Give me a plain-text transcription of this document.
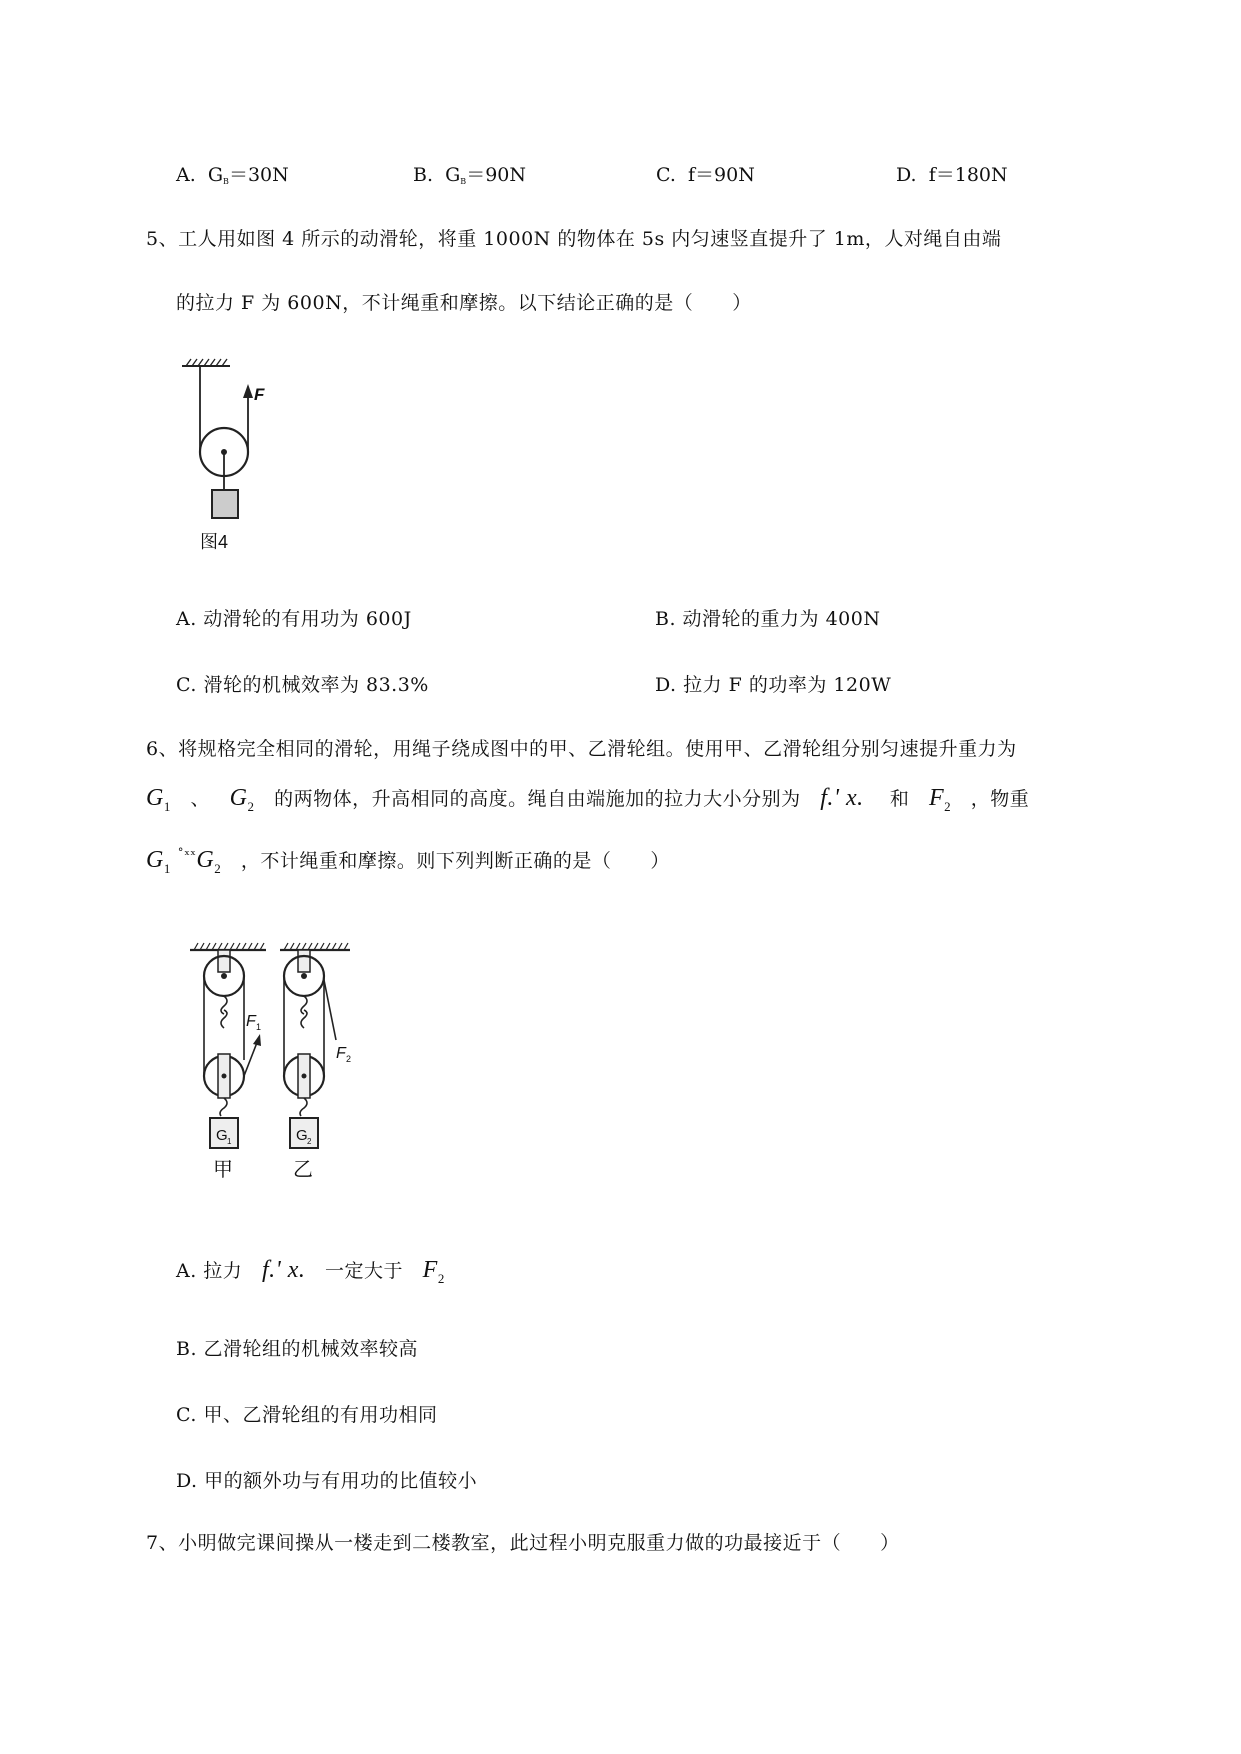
A. GB＝30N	B. GB＝90N	C. f＝90N	D. f＝180N
5、工人用如图 4 所示的动滑轮，将重 1000N 的物体在 5s 内匀速竖直提升了 1m，人对绳自由端
的拉力 F 为 600N，不计绳重和摩擦。以下结论正确的是（　　）
F
图4
A. 动滑轮的有用功为 600J	B. 动滑轮的重力为 400N
C. 滑轮的机械效率为 83.3%	D. 拉力 F 的功率为 120W
6、将规格完全相同的滑轮，用绳子绕成图中的甲、乙滑轮组。使用甲、乙滑轮组分别匀速提升重力为
$G_1$ 、 $G_2$ 的两物体，升高相同的高度。绳自由端施加的拉力大小分别为 f.' x. 和 $F_2$ ，物重
$G_1$ $^{˚ˣˣ}G_2$ ，不计绳重和摩擦。则下列判断正确的是（　　）
F 1
G 1
甲
F 2
G 2
乙
A. 拉力 f.' x. 一定大于 $F_2$
B. 乙滑轮组的机械效率较高
C. 甲、乙滑轮组的有用功相同
D. 甲的额外功与有用功的比值较小
7、小明做完课间操从一楼走到二楼教室，此过程小明克服重力做的功最接近于（　　）
